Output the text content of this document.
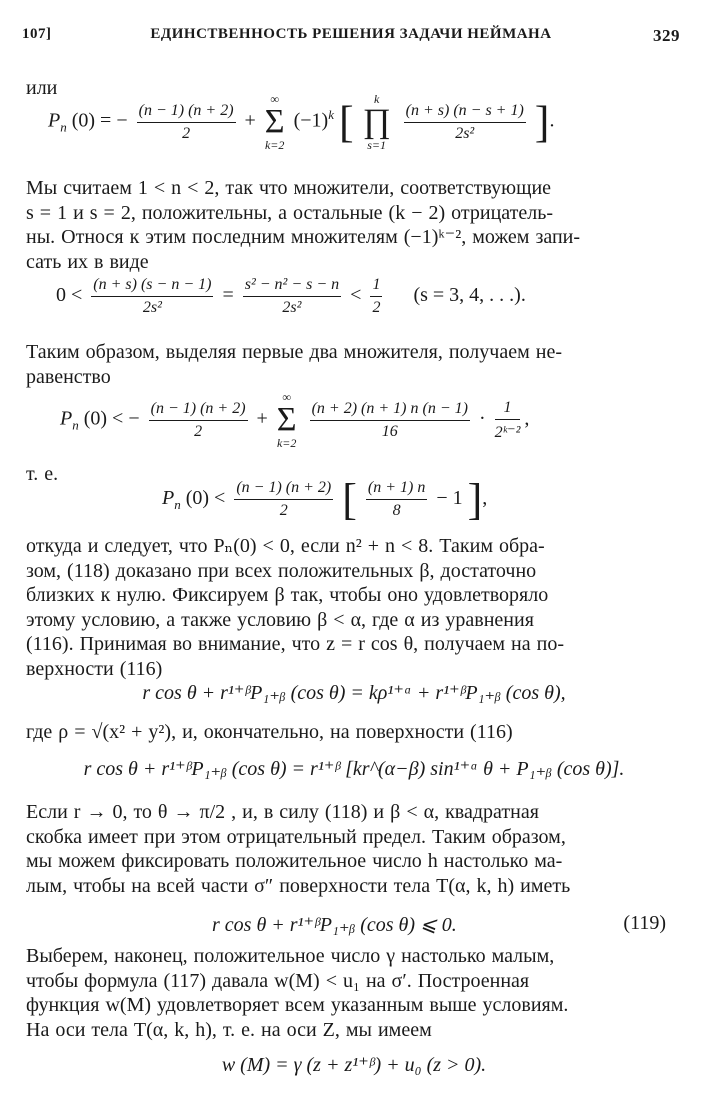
107]	ЕДИНСТВЕННОСТЬ РЕШЕНИЯ ЗАДАЧИ НЕЙМАНА	329
или
$P_n$ (0) = − $\frac{(n - 1) (n + 2)}{2}$ +
∞
Σ
k=2
$(-1)^k$ [	k
∏
s=1

$\frac{(n + s) (n - s + 1)}{\text{2s²}}$ ].
Мы считаем 1 < n < 2, так что множители, соответствующие
s = 1 и s = 2, положительны, а остальные (k − 2) отрицатель-
ны. Относя к этим последним множителям (−1)ᵏ⁻², можем запи-
сать их в виде
$0 < \frac{(n + s) (s - n - 1)}{\text{2s²}} = \frac{\text{s² − n² − s − n}}{\text{2s²}} < \frac{1}{2} (s = 3$, 4, . . .).
Таким образом, выделяя первые два множителя, получаем не-
равенство
$P_n$ (0) < − $\frac{(n - 1) (n + 2)}{2}$ +
∞
Σ
k=2

$\frac{(n + 2) (n + 1) n (n - 1)}{16} \cdot \frac{1}{\text{2ᵏ⁻²}}$ ,
т. е.
$P_n$ $(0) < \frac{(n - 1) (n + 2)}{2}$ [ $\frac{(n + 1) n}{8} - 1$ ],
откуда и следует, что Pₙ(0) < 0, если n² + n < 8. Таким обра-
зом, (118) доказано при всех положительных β, достаточно
близких к нулю. Фиксируем β так, чтобы оно удовлетворяло
этому условию, а также условию β < α, где α из уравнения
(116). Принимая во внимание, что z = r cos θ, получаем на по-
верхности (116)
r cos θ + r¹⁺ᵝP₁₊ᵦ (cos θ) = kρ¹⁺ᵅ + r¹⁺ᵝP₁₊ᵦ (cos θ),
где ρ = √(x² + y²), и, окончательно, на поверхности (116)
r cos θ + r¹⁺ᵝP₁₊ᵦ (cos θ) = r¹⁺ᵝ [kr^(α−β) sin¹⁺ᵅ θ + P₁₊ᵦ (cos θ)].
Если r → 0, то θ → π/2 , и, в силу (118) и β < α, квадратная
скобка имеет при этом отрицательный предел. Таким образом,
мы можем фиксировать положительное число h настолько ма-
лым, чтобы на всей части σ″ поверхности тела T(α, k, h) иметь
r cos θ + r¹⁺ᵝP₁₊ᵦ (cos θ) ⩽ 0.	(119)
Выберем, наконец, положительное число γ настолько малым,
чтобы формула (117) давала w(M) < u₁ на σ′. Построенная
функция w(M) удовлетворяет всем указанным выше условиям.
На оси тела T(α, k, h), т. е. на оси Z, мы имеем
w (M) = γ (z + z¹⁺ᵝ) + u₀ (z > 0).
